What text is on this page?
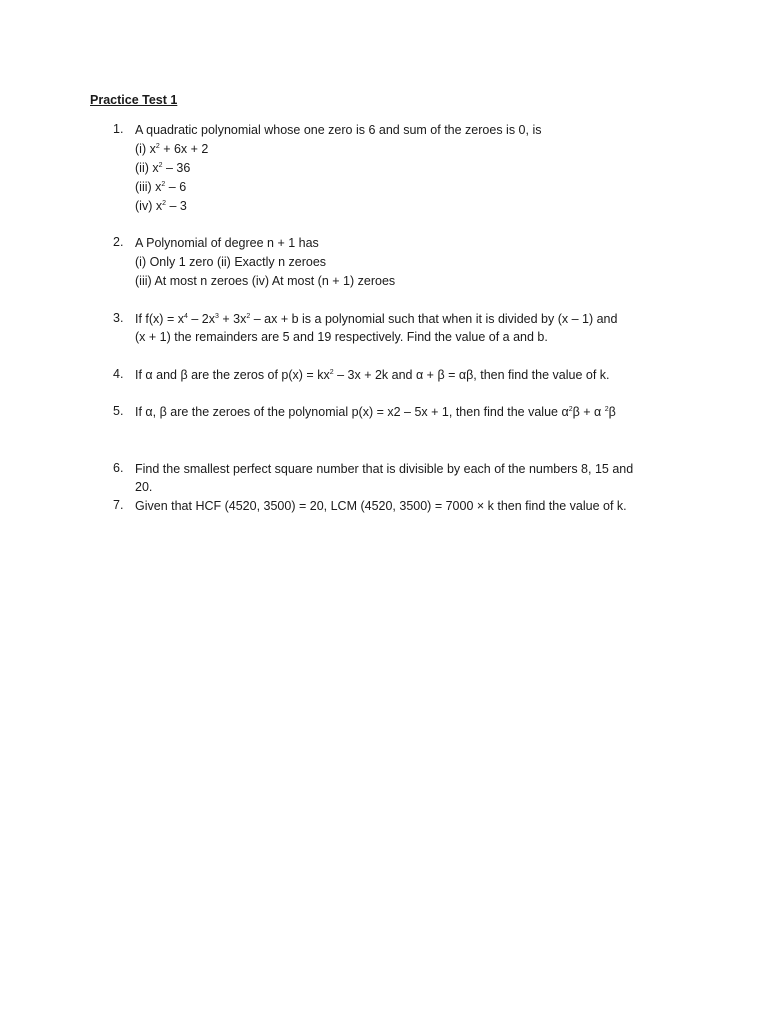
Practice Test 1
1. A quadratic polynomial whose one zero is 6 and sum of the zeroes is 0, is
(i) $x^2 + 6x + 2$
(ii) $x^2 - 36$
(iii) $x^2 - 6$
(iv) $x^2 - 3$
2. A Polynomial of degree n + 1 has
(i) Only 1 zero (ii) Exactly n zeroes
(iii) At most n zeroes (iv) At most (n + 1) zeroes
3. If $f(x) = x^4 - 2x^3 + 3x^2$ – ax + b is a polynomial such that when it is divided by (x – 1) and
(x + 1) the remainders are 5 and 19 respectively. Find the value of a and b.
4. If α and β are the zeros of $p(x) = kx^2 - 3x + 2k$ and α + β = αβ, then find the value of k.
5. If α, β are the zeroes of the polynomial p(x) = x2 – 5x + 1, then find the value $\alpha^2\beta + \alpha$ $^2$β
6. Find the smallest perfect square number that is divisible by each of the numbers 8, 15 and
20.
7. Given that HCF (4520, 3500) = 20, LCM (4520, 3500) = 7000 × k then find the value of k.
